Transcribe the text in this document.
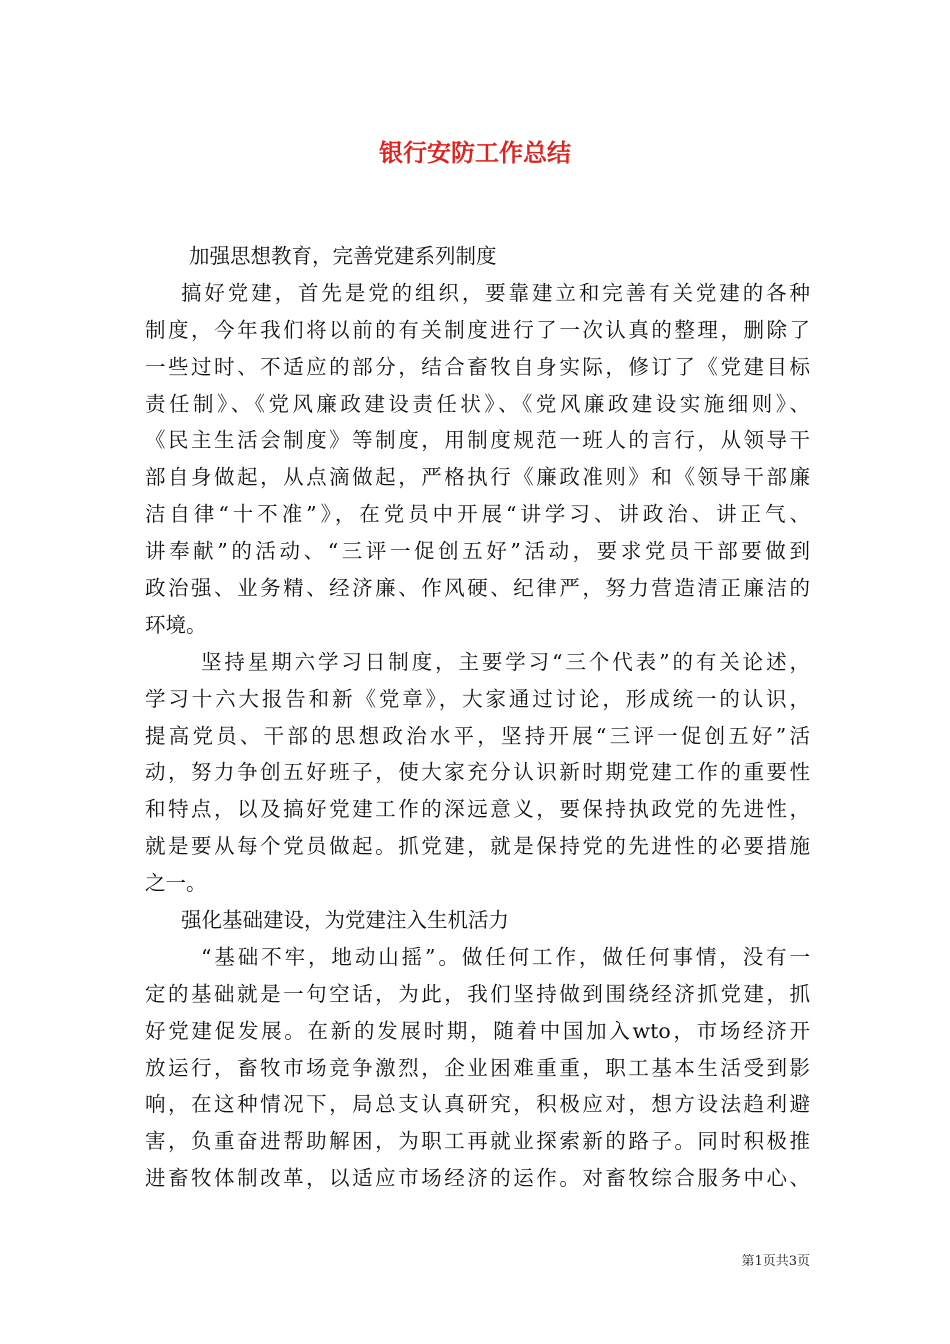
银行安防工作总结
加强思想教育，完善党建系列制度
搞好党建，首先是党的组织，要靠建立和完善有关党建的各种
制度，今年我们将以前的有关制度进行了一次认真的整理，删除了
一些过时、不适应的部分，结合畜牧自身实际，修订了《党建目标
责任制》、《党风廉政建设责任状》、《党风廉政建设实施细则》、
《民主生活会制度》等制度，用制度规范一班人的言行，从领导干
部自身做起，从点滴做起，严格执行《廉政准则》和《领导干部廉
洁自律“十不准”》，在党员中开展“讲学习、讲政治、讲正气、
讲奉献”的活动、“三评一促创五好”活动，要求党员干部要做到
政治强、业务精、经济廉、作风硬、纪律严，努力营造清正廉洁的
环境。
坚持星期六学习日制度，主要学习“三个代表”的有关论述，
学习十六大报告和新《党章》，大家通过讨论，形成统一的认识，
提高党员、干部的思想政治水平，坚持开展“三评一促创五好”活
动，努力争创五好班子，使大家充分认识新时期党建工作的重要性
和特点，以及搞好党建工作的深远意义，要保持执政党的先进性，
就是要从每个党员做起。抓党建，就是保持党的先进性的必要措施
之一。
强化基础建设，为党建注入生机活力
“基础不牢，地动山摇”。做任何工作，做任何事情，没有一
定的基础就是一句空话，为此，我们坚持做到围绕经济抓党建，抓
好党建促发展。在新的发展时期，随着中国加入wto，市场经济开
放运行，畜牧市场竞争激烈，企业困难重重，职工基本生活受到影
响，在这种情况下，局总支认真研究，积极应对，想方设法趋利避
害，负重奋进帮助解困，为职工再就业探索新的路子。同时积极推
进畜牧体制改革，以适应市场经济的运作。对畜牧综合服务中心、
第1页共3页
